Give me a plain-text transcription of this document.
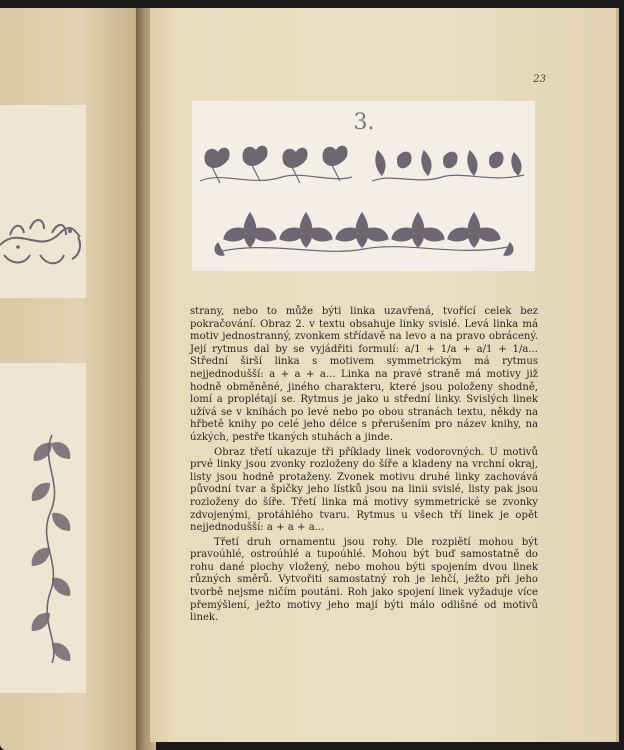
23
3.

strany, nebo to může býti linka uzavřená, tvořící celek bez pokračování. Obraz 2. v textu obsahuje linky svislé. Levá linka má motiv jednostranný, zvonkem střídavě na levo a na pravo obrácený. Její rytmus dal by se vyjádřiti formulí: a/1 + 1/a + a/1 + 1/a... Střední širší linka s motivem symmetrickým má rytmus nejjednodušší: a + a + a... Linka na pravé straně má motivy již hodně obměněné, jiného charakteru, které jsou položeny shodně, lomí a proplétají se. Rytmus je jako u střední linky. Svislých linek užívá se v knihách po levé nebo po obou stranách textu, někdy na hřbetě knihy po celé jeho délce s přerušením pro název knihy, na úzkých, pestře tkaných stuhách a jinde.

Obraz třetí ukazuje tři příklady linek vodorovných. U motivů prvé linky jsou zvonky rozloženy do šíře a kladeny na vrchní okraj, listy jsou hodně protaženy. Zvonek motivu druhé linky zachovává původní tvar a špičky jeho lístků jsou na linii svislé, listy pak jsou rozloženy do šíře. Třetí linka má motivy symmetrické se zvonky zdvojenými, protáhlého tvaru. Rytmus u všech tří linek je opět nejjednodušší: a + a + a...

Třetí druh ornamentu jsou rohy. Dle rozpiětí mohou být pravoúhlé, ostroúhlé a tupoúhlé. Mohou být buď samostatně do rohu dané plochy vložený, nebo mohou býti spojením dvou linek různých směrů. Vytvořiti samostatný roh je lehčí, ježto při jeho tvorbě nejsme ničím poutáni. Roh jako spojení linek vyžaduje více přemýšlení, ježto motivy jeho mají býti málo odlišné od motivů linek.
